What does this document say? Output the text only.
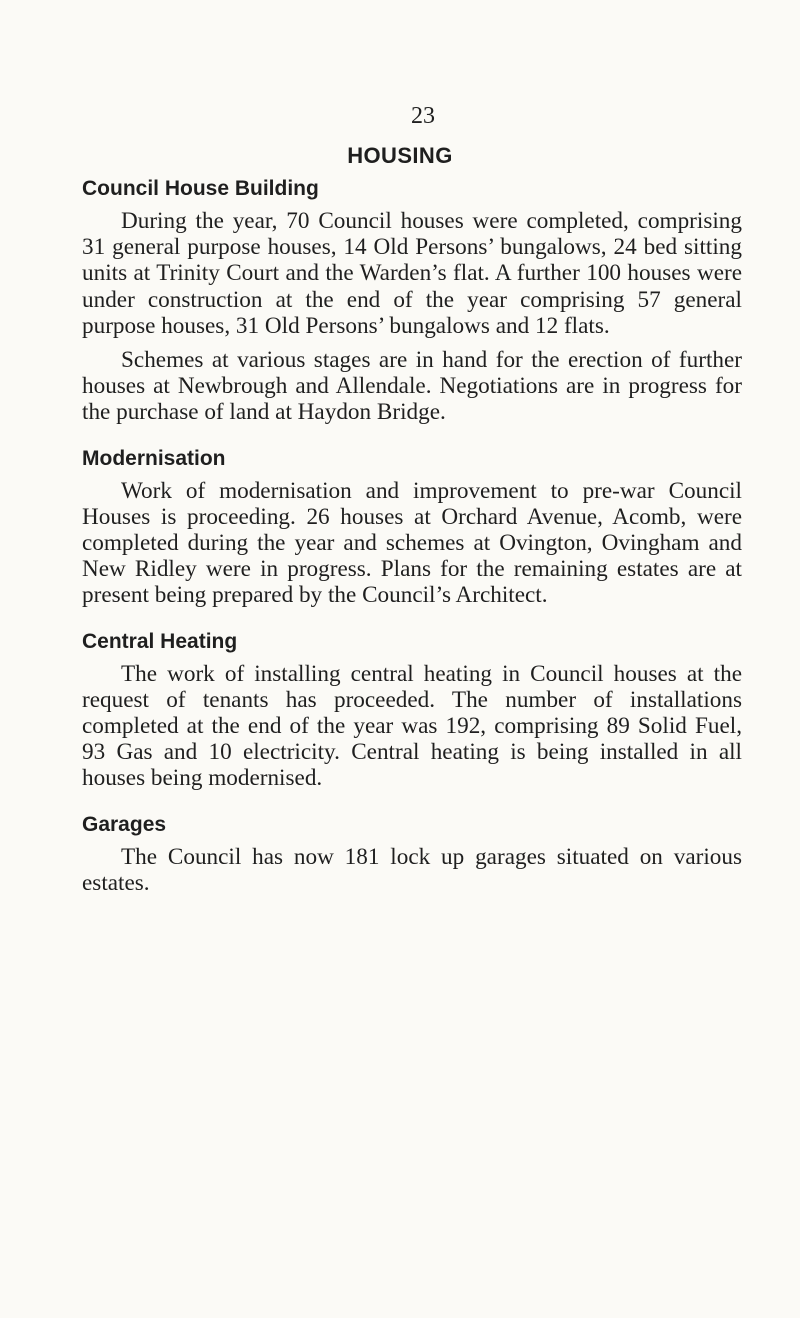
23
HOUSING
Council House Building

During the year, 70 Council houses were completed, comprising 31 general purpose houses, 14 Old Persons’ bungalows, 24 bed sitting units at Trinity Court and the Warden’s flat. A further 100 houses were under construction at the end of the year comprising 57 general purpose houses, 31 Old Persons’ bungalows and 12 flats.

Schemes at various stages are in hand for the erection of further houses at Newbrough and Allendale. Negotiations are in progress for the purchase of land at Haydon Bridge.

Modernisation

Work of modernisation and improvement to pre-war Council Houses is proceeding. 26 houses at Orchard Avenue, Acomb, were completed during the year and schemes at Ovington, Ovingham and New Ridley were in progress. Plans for the remaining estates are at present being prepared by the Council’s Architect.

Central Heating

The work of installing central heating in Council houses at the request of tenants has proceeded. The number of installations completed at the end of the year was 192, comprising 89 Solid Fuel, 93 Gas and 10 electricity. Central heating is being installed in all houses being modernised.

Garages

The Council has now 181 lock up garages situated on various estates.
